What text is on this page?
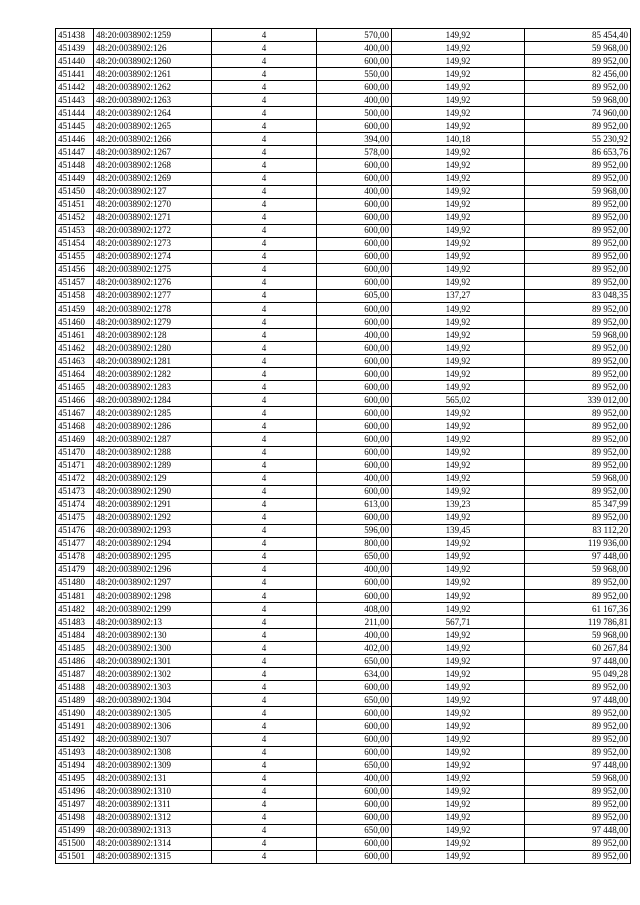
451438	48:20:0038902:1259	4	570,00	149,92	85 454,40
451439	48:20:0038902:126	4	400,00	149,92	59 968,00
451440	48:20:0038902:1260	4	600,00	149,92	89 952,00
451441	48:20:0038902:1261	4	550,00	149,92	82 456,00
451442	48:20:0038902:1262	4	600,00	149,92	89 952,00
451443	48:20:0038902:1263	4	400,00	149,92	59 968,00
451444	48:20:0038902:1264	4	500,00	149,92	74 960,00
451445	48:20:0038902:1265	4	600,00	149,92	89 952,00
451446	48:20:0038902:1266	4	394,00	140,18	55 230,92
451447	48:20:0038902:1267	4	578,00	149,92	86 653,76
451448	48:20:0038902:1268	4	600,00	149,92	89 952,00
451449	48:20:0038902:1269	4	600,00	149,92	89 952,00
451450	48:20:0038902:127	4	400,00	149,92	59 968,00
451451	48:20:0038902:1270	4	600,00	149,92	89 952,00
451452	48:20:0038902:1271	4	600,00	149,92	89 952,00
451453	48:20:0038902:1272	4	600,00	149,92	89 952,00
451454	48:20:0038902:1273	4	600,00	149,92	89 952,00
451455	48:20:0038902:1274	4	600,00	149,92	89 952,00
451456	48:20:0038902:1275	4	600,00	149,92	89 952,00
451457	48:20:0038902:1276	4	600,00	149,92	89 952,00
451458	48:20:0038902:1277	4	605,00	137,27	83 048,35
451459	48:20:0038902:1278	4	600,00	149,92	89 952,00
451460	48:20:0038902:1279	4	600,00	149,92	89 952,00
451461	48:20:0038902:128	4	400,00	149,92	59 968,00
451462	48:20:0038902:1280	4	600,00	149,92	89 952,00
451463	48:20:0038902:1281	4	600,00	149,92	89 952,00
451464	48:20:0038902:1282	4	600,00	149,92	89 952,00
451465	48:20:0038902:1283	4	600,00	149,92	89 952,00
451466	48:20:0038902:1284	4	600,00	565,02	339 012,00
451467	48:20:0038902:1285	4	600,00	149,92	89 952,00
451468	48:20:0038902:1286	4	600,00	149,92	89 952,00
451469	48:20:0038902:1287	4	600,00	149,92	89 952,00
451470	48:20:0038902:1288	4	600,00	149,92	89 952,00
451471	48:20:0038902:1289	4	600,00	149,92	89 952,00
451472	48:20:0038902:129	4	400,00	149,92	59 968,00
451473	48:20:0038902:1290	4	600,00	149,92	89 952,00
451474	48:20:0038902:1291	4	613,00	139,23	85 347,99
451475	48:20:0038902:1292	4	600,00	149,92	89 952,00
451476	48:20:0038902:1293	4	596,00	139,45	83 112,20
451477	48:20:0038902:1294	4	800,00	149,92	119 936,00
451478	48:20:0038902:1295	4	650,00	149,92	97 448,00
451479	48:20:0038902:1296	4	400,00	149,92	59 968,00
451480	48:20:0038902:1297	4	600,00	149,92	89 952,00
451481	48:20:0038902:1298	4	600,00	149,92	89 952,00
451482	48:20:0038902:1299	4	408,00	149,92	61 167,36
451483	48:20:0038902:13	4	211,00	567,71	119 786,81
451484	48:20:0038902:130	4	400,00	149,92	59 968,00
451485	48:20:0038902:1300	4	402,00	149,92	60 267,84
451486	48:20:0038902:1301	4	650,00	149,92	97 448,00
451487	48:20:0038902:1302	4	634,00	149,92	95 049,28
451488	48:20:0038902:1303	4	600,00	149,92	89 952,00
451489	48:20:0038902:1304	4	650,00	149,92	97 448,00
451490	48:20:0038902:1305	4	600,00	149,92	89 952,00
451491	48:20:0038902:1306	4	600,00	149,92	89 952,00
451492	48:20:0038902:1307	4	600,00	149,92	89 952,00
451493	48:20:0038902:1308	4	600,00	149,92	89 952,00
451494	48:20:0038902:1309	4	650,00	149,92	97 448,00
451495	48:20:0038902:131	4	400,00	149,92	59 968,00
451496	48:20:0038902:1310	4	600,00	149,92	89 952,00
451497	48:20:0038902:1311	4	600,00	149,92	89 952,00
451498	48:20:0038902:1312	4	600,00	149,92	89 952,00
451499	48:20:0038902:1313	4	650,00	149,92	97 448,00
451500	48:20:0038902:1314	4	600,00	149,92	89 952,00
451501	48:20:0038902:1315	4	600,00	149,92	89 952,00
